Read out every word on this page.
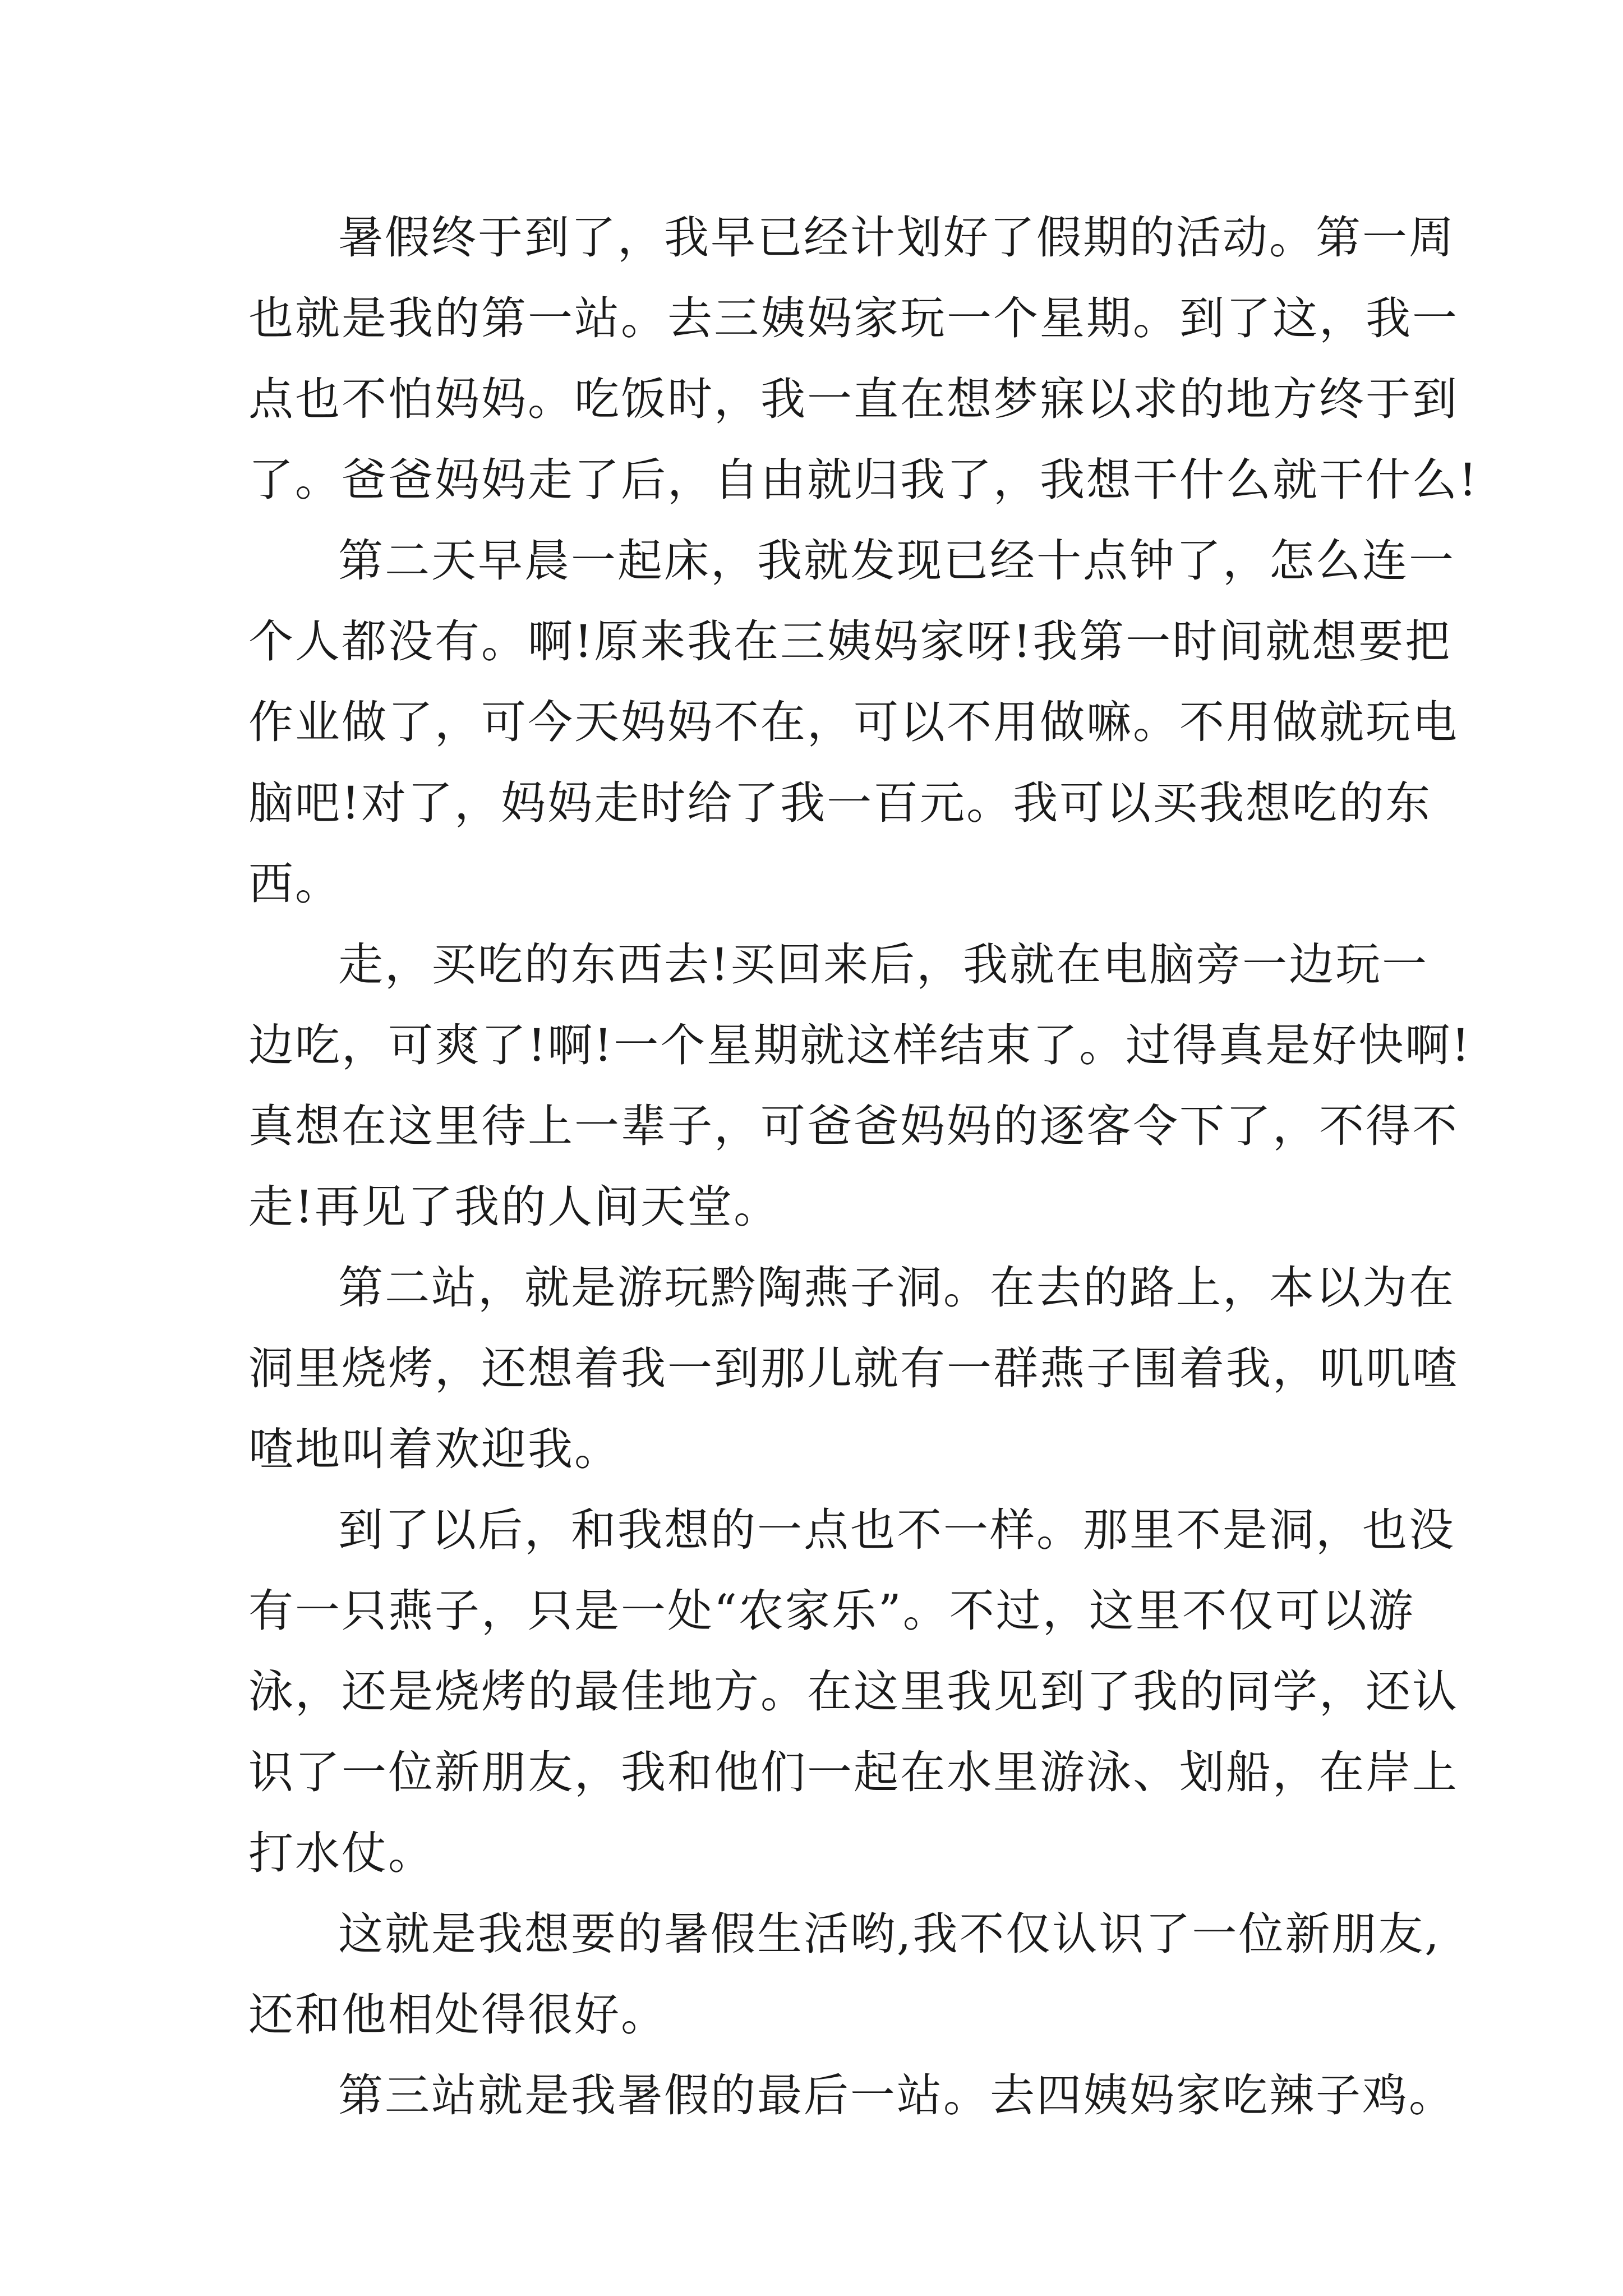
暑假终于到了，我早已经计划好了假期的活动。第一周
也就是我的第一站。去三姨妈家玩一个星期。到了这，我一
点也不怕妈妈。吃饭时，我一直在想梦寐以求的地方终于到
了。爸爸妈妈走了后，自由就归我了，我想干什么就干什么!
第二天早晨一起床，我就发现已经十点钟了，怎么连一
个人都没有。啊!原来我在三姨妈家呀!我第一时间就想要把
作业做了，可今天妈妈不在，可以不用做嘛。不用做就玩电
脑吧!对了，妈妈走时给了我一百元。我可以买我想吃的东
西。
走，买吃的东西去!买回来后，我就在电脑旁一边玩一
边吃，可爽了!啊!一个星期就这样结束了。过得真是好快啊!
真想在这里待上一辈子，可爸爸妈妈的逐客令下了，不得不
走!再见了我的人间天堂。
第二站，就是游玩黔陶燕子洞。在去的路上，本以为在
洞里烧烤，还想着我一到那儿就有一群燕子围着我，叽叽喳
喳地叫着欢迎我。
到了以后，和我想的一点也不一样。那里不是洞，也没
有一只燕子，只是一处“农家乐”。不过，这里不仅可以游
泳，还是烧烤的最佳地方。在这里我见到了我的同学，还认
识了一位新朋友，我和他们一起在水里游泳、划船，在岸上
打水仗。
这就是我想要的暑假生活哟,我不仅认识了一位新朋友,
还和他相处得很好。
第三站就是我暑假的最后一站。去四姨妈家吃辣子鸡。
